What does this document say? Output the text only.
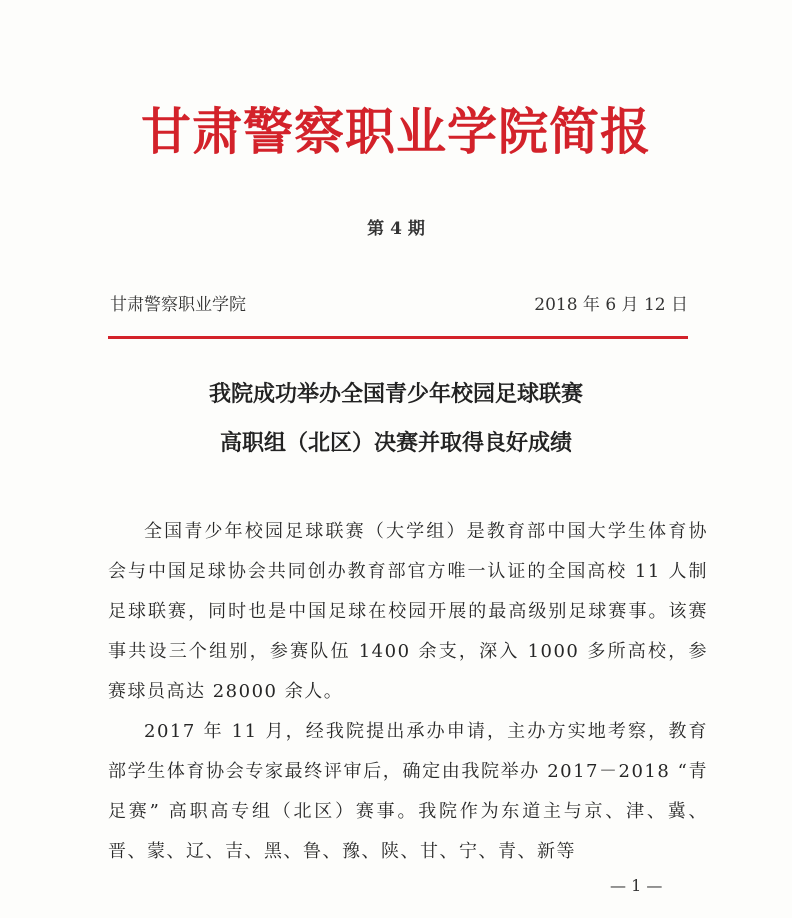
甘肃警察职业学院简报
第 4 期
甘肃警察职业学院	2018 年 6 月 12 日
我院成功举办全国青少年校园足球联赛
高职组（北区）决赛并取得良好成绩

全国青少年校园足球联赛（大学组）是教育部中国大学生体育协会与中国足球协会共同创办教育部官方唯一认证的全国高校 11 人制足球联赛，同时也是中国足球在校园开展的最高级别足球赛事。该赛事共设三个组别，参赛队伍 1400 余支，深入 1000 多所高校，参赛球员高达 28000 余人。

2017 年 11 月，经我院提出承办申请，主办方实地考察，教育部学生体育协会专家最终评审后，确定由我院举办 2017－2018 “青足赛” 高职高专组（北区）赛事。我院作为东道主与京、津、冀、晋、蒙、辽、吉、黑、鲁、豫、陕、甘、宁、青、新等

— 1 —
